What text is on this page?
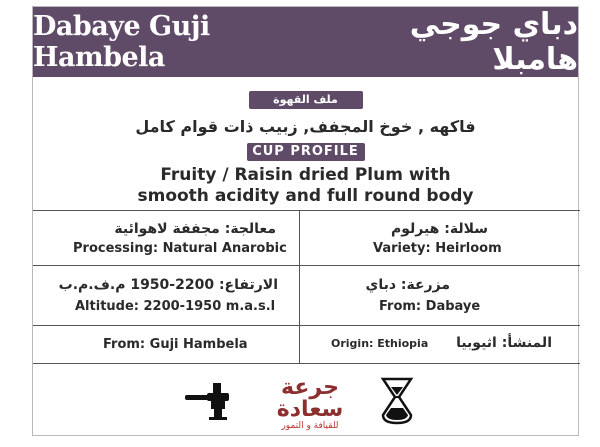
Dabaye Guji Hambela
دباي جوجي هامبلا
ملف القهوة
فاكهه , خوخ المجفف, زبيب ذات قوام كامل
CUP PROFILE
Fruity / Raisin dried Plum with
smooth acidity and full round body
معالجة: مجففة لاهوائية
Processing: Natural Anarobic
سلالة: هيرلوم
Variety: Heirloom
الارتفاع: 2200-1950 م.ف.م.ب
Altitude: 2200-1950 m.a.s.l
مزرعة: دباي
From: Dabaye
From: Guji Hambela	Origin: Ethiopia المنشأ: اثيوبيا
جرعة سعادة
للقيافة و التمور
